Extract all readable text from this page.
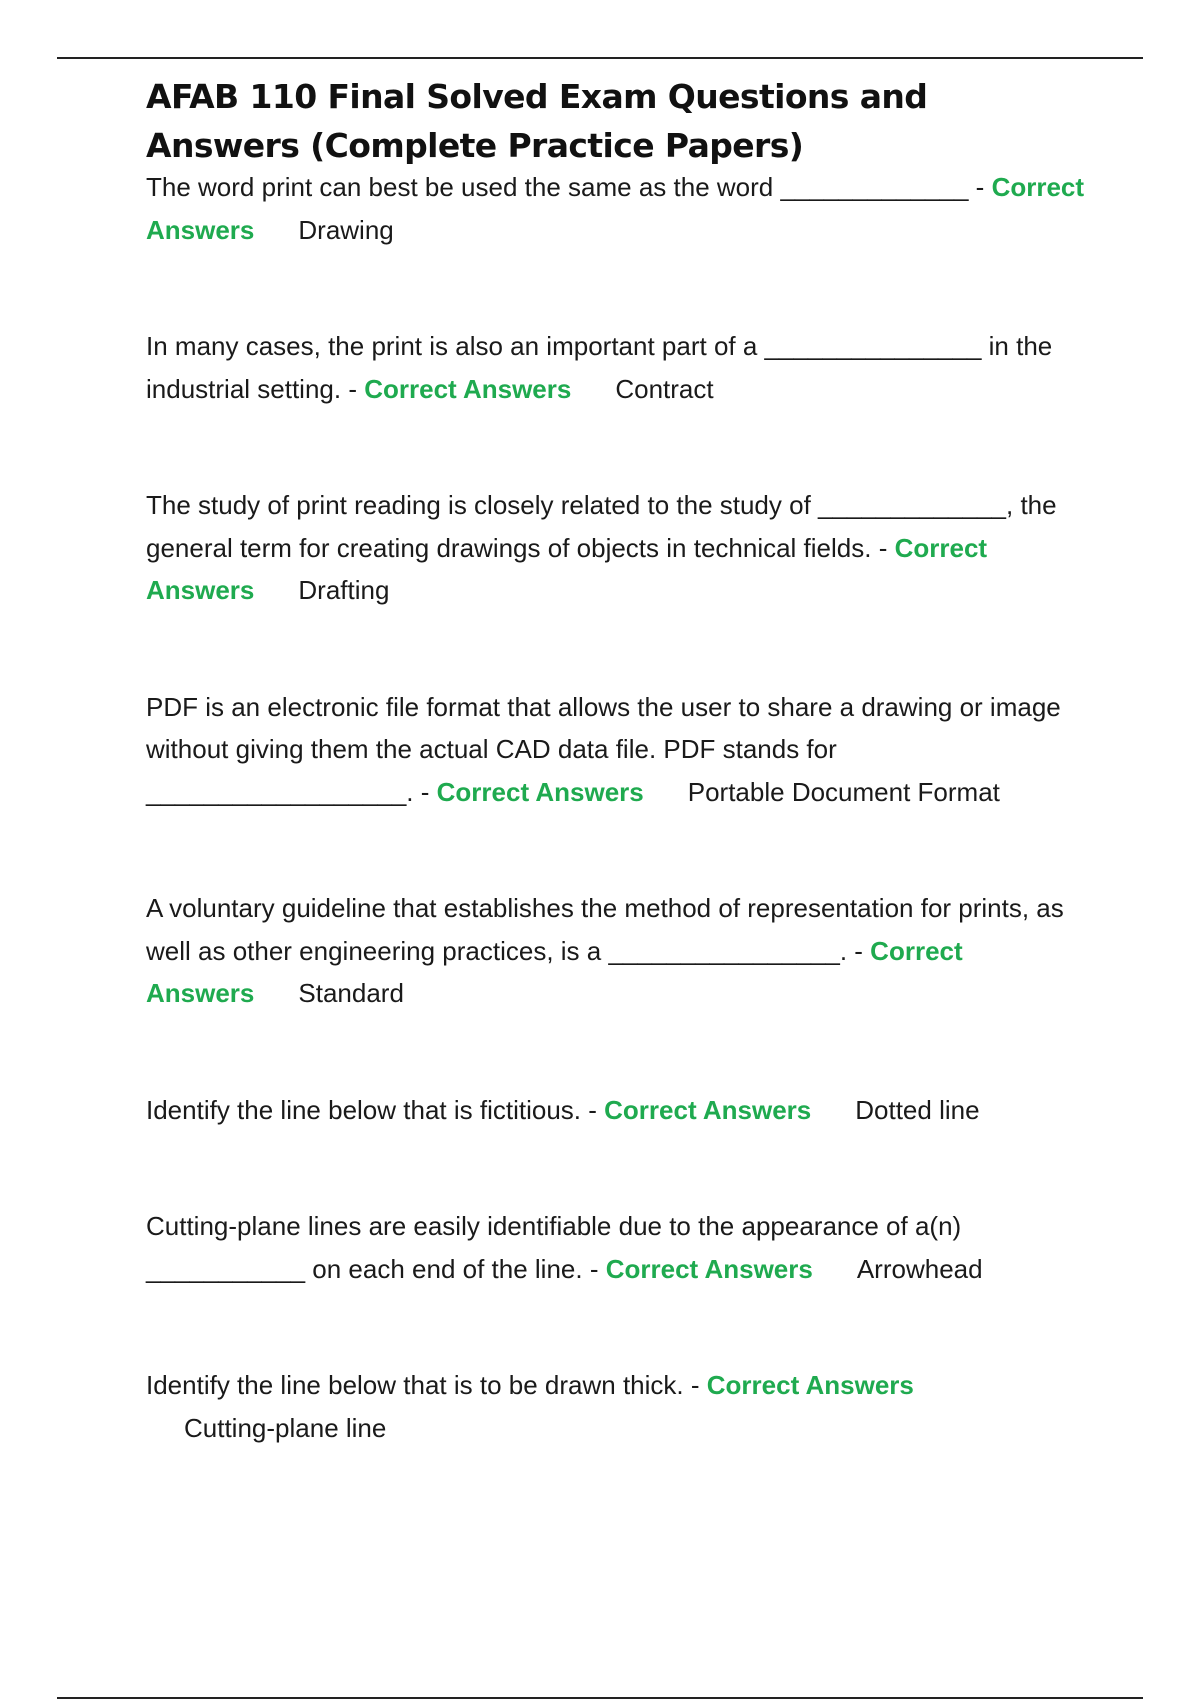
AFAB 110 Final Solved Exam Questions and Answers (Complete Practice Papers)

The word print can best be used the same as the word _____________ - Correct Answers Drawing

In many cases, the print is also an important part of a _______________ in the industrial setting. - Correct Answers Contract

The study of print reading is closely related to the study of _____________, the general term for creating drawings of objects in technical fields. - Correct Answers Drafting

PDF is an electronic file format that allows the user to share a drawing or image without giving them the actual CAD data file. PDF stands for __________________. - Correct Answers Portable Document Format

A voluntary guideline that establishes the method of representation for prints, as well as other engineering practices, is a ________________. - Correct Answers Standard

Identify the line below that is fictitious. - Correct Answers Dotted line

Cutting-plane lines are easily identifiable due to the appearance of a(n) ___________ on each end of the line. - Correct Answers Arrowhead

Identify the line below that is to be drawn thick. - Correct Answers
Cutting-plane line
